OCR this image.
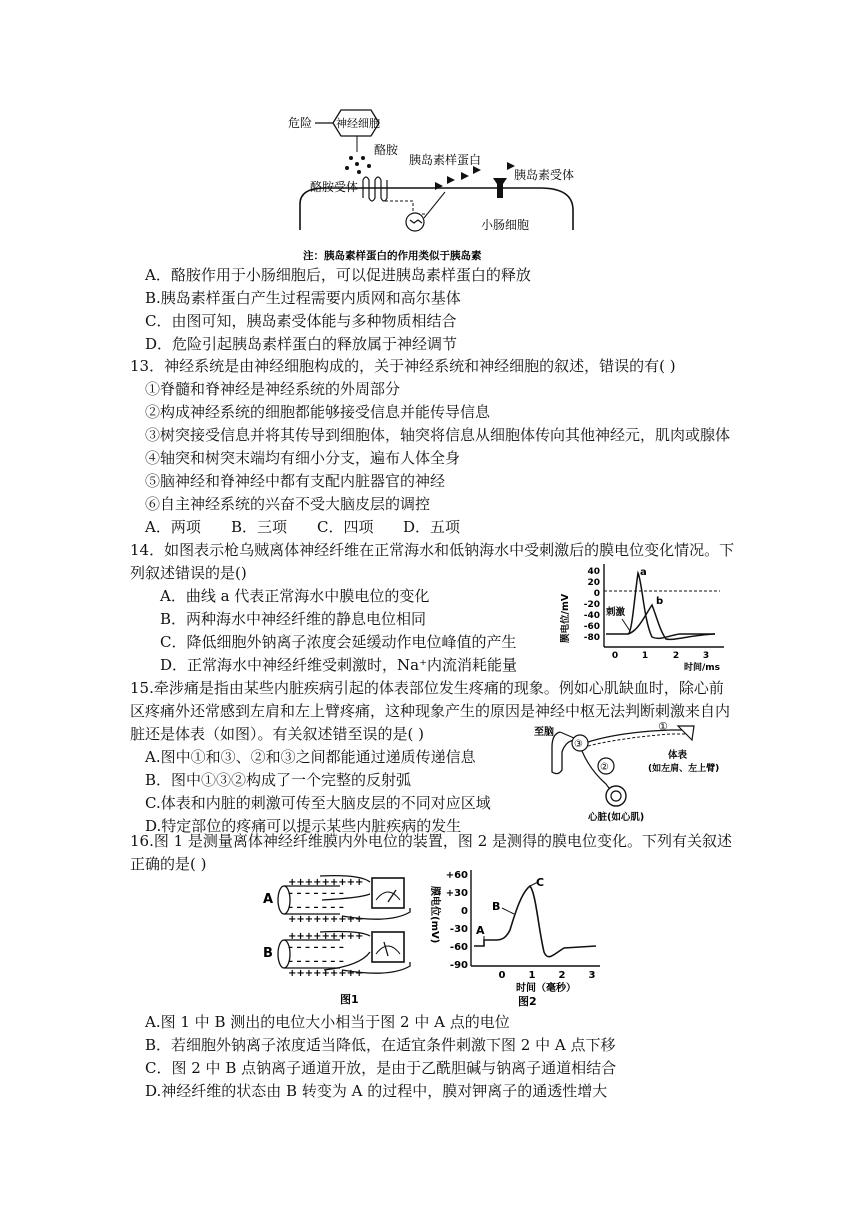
危险 神经细胞
酪胺
酪胺受体
胰岛素样蛋白
胰岛素受体
小肠细胞
注：胰岛素样蛋白的作用类似于胰岛素
A．酪胺作用于小肠细胞后，可以促进胰岛素样蛋白的释放
B.胰岛素样蛋白产生过程需要内质网和高尔基体
C．由图可知，胰岛素受体能与多种物质相结合
D．危险引起胰岛素样蛋白的释放属于神经调节
13．神经系统是由神经细胞构成的，关于神经系统和神经细胞的叙述，错误的有( )
①脊髓和脊神经是神经系统的外周部分
②构成神经系统的细胞都能够接受信息并能传导信息
③树突接受信息并将其传导到细胞体，轴突将信息从细胞体传向其他神经元，肌肉或腺体
④轴突和树突末端均有细小分支，遍布人体全身
⑤脑神经和脊神经中都有支配内脏器官的神经
⑥自主神经系统的兴奋不受大脑皮层的调控
A．两项 B．三项 C．四项 D．五项
14．如图表示枪乌贼离体神经纤维在正常海水和低钠海水中受刺激后的膜电位变化情况。下
列叙述错误的是()
A．曲线 a 代表正常海水中膜电位的变化
B．两种海水中神经纤维的静息电位相同
C．降低细胞外钠离子浓度会延缓动作电位峰值的产生
D．正常海水中神经纤维受刺激时，Na⁺内流消耗能量
膜电位/mV
40
20
0
-20
-40
-60
-80
刺激
a
b
0	1	2	3
时间/ms
15.牵涉痛是指由某些内脏疾病引起的体表部位发生疼痛的现象。例如心肌缺血时，除心前
区疼痛外还常感到左肩和左上臂疼痛，这种现象产生的原因是神经中枢无法判断刺激来自内
脏还是体表（如图）。有关叙述错至误的是( )
A.图中①和③、②和③之间都能通过递质传递信息
B．图中①③②构成了一个完整的反射弧
C.体表和内脏的刺激可传至大脑皮层的不同对应区域
D.特定部位的疼痛可以提示某些内脏疾病的发生
至脑
③
①
体表
(如左肩、左上臂)
②
心脏(如心肌)
16.图 1 是测量离体神经纤维膜内外电位的装置，图 2 是测得的膜电位变化。下列有关叙述
正确的是( )
A
+++++++++
– – – – – – –
– – – – – – –
+++++++++
B
+++++++++
– – – – – – –
– – – – – – –
+++++++++
图1
膜电位(mV)
+60
+30
0
-30
-60
-90
A
B
C
0 1 2 3
时间（毫秒）
图2
A.图 1 中 B 测出的电位大小相当于图 2 中 A 点的电位
B．若细胞外钠离子浓度适当降低，在适宜条件刺激下图 2 中 A 点下移
C．图 2 中 B 点钠离子通道开放，是由于乙酰胆碱与钠离子通道相结合
D.神经纤维的状态由 B 转变为 A 的过程中，膜对钾离子的通透性增大
